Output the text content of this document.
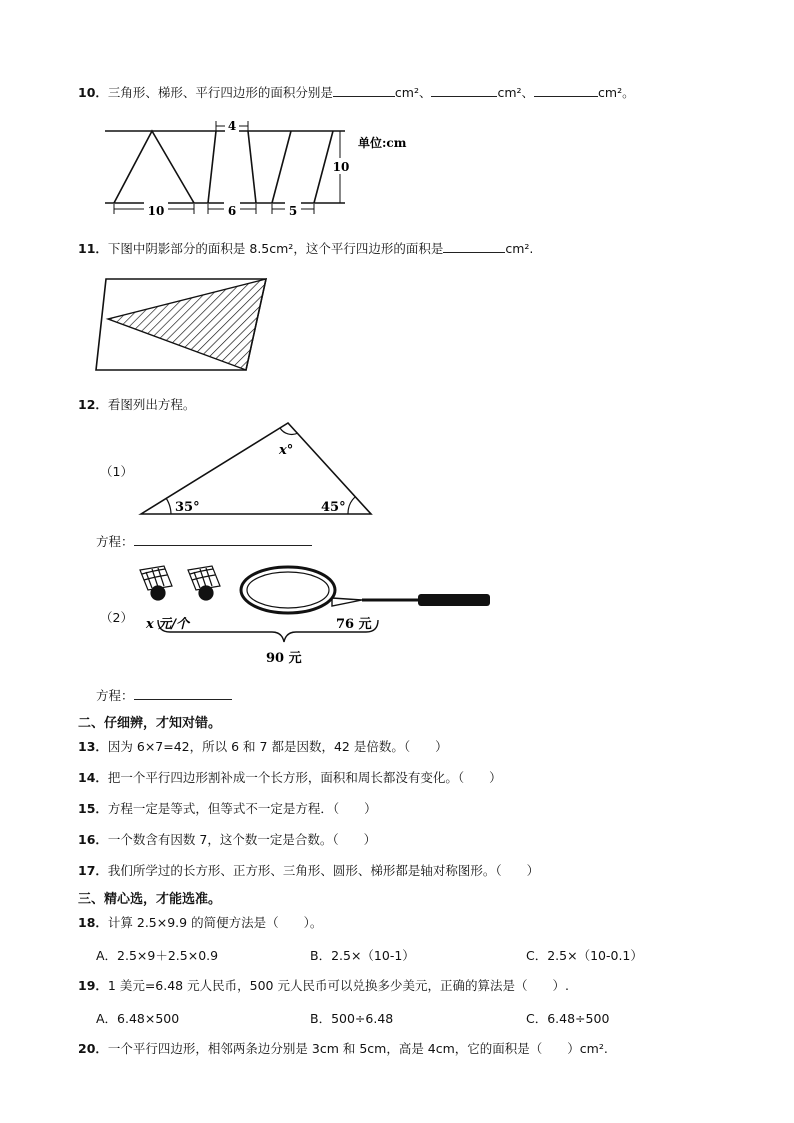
10．三角形、梯形、平行四边形的面积分别是	cm²、	cm²、	cm²。
10	6	5
4
10
单位:cm
11．下图中阴影部分的面积是 8.5cm²，这个平行四边形的面积是	cm².
12．看图列出方程。
（1）
35°	45°
x°
方程：
（2） x 元/个	76 元
90 元
方程：
二、仔细辨，才知对错。
13．因为 6×7=42，所以 6 和 7 都是因数，42 是倍数。（　　）
14．把一个平行四边形割补成一个长方形，面积和周长都没有变化。（　　）
15．方程一定是等式，但等式不一定是方程．（　　）
16．一个数含有因数 7，这个数一定是合数。（　　）
17．我们所学过的长方形、正方形、三角形、圆形、梯形都是轴对称图形。（　　）
三、精心选，才能选准。
18．计算 2.5×9.9 的简便方法是（　　）。
A．2.5×9＋2.5×0.9	B．2.5×（10-1）	C．2.5×（10-0.1）
19．1 美元=6.48 元人民币，500 元人民币可以兑换多少美元，正确的算法是（　　）.
A．6.48×500	B．500÷6.48	C．6.48÷500
20．一个平行四边形，相邻两条边分别是 3cm 和 5cm，高是 4cm，它的面积是（　　）cm².
